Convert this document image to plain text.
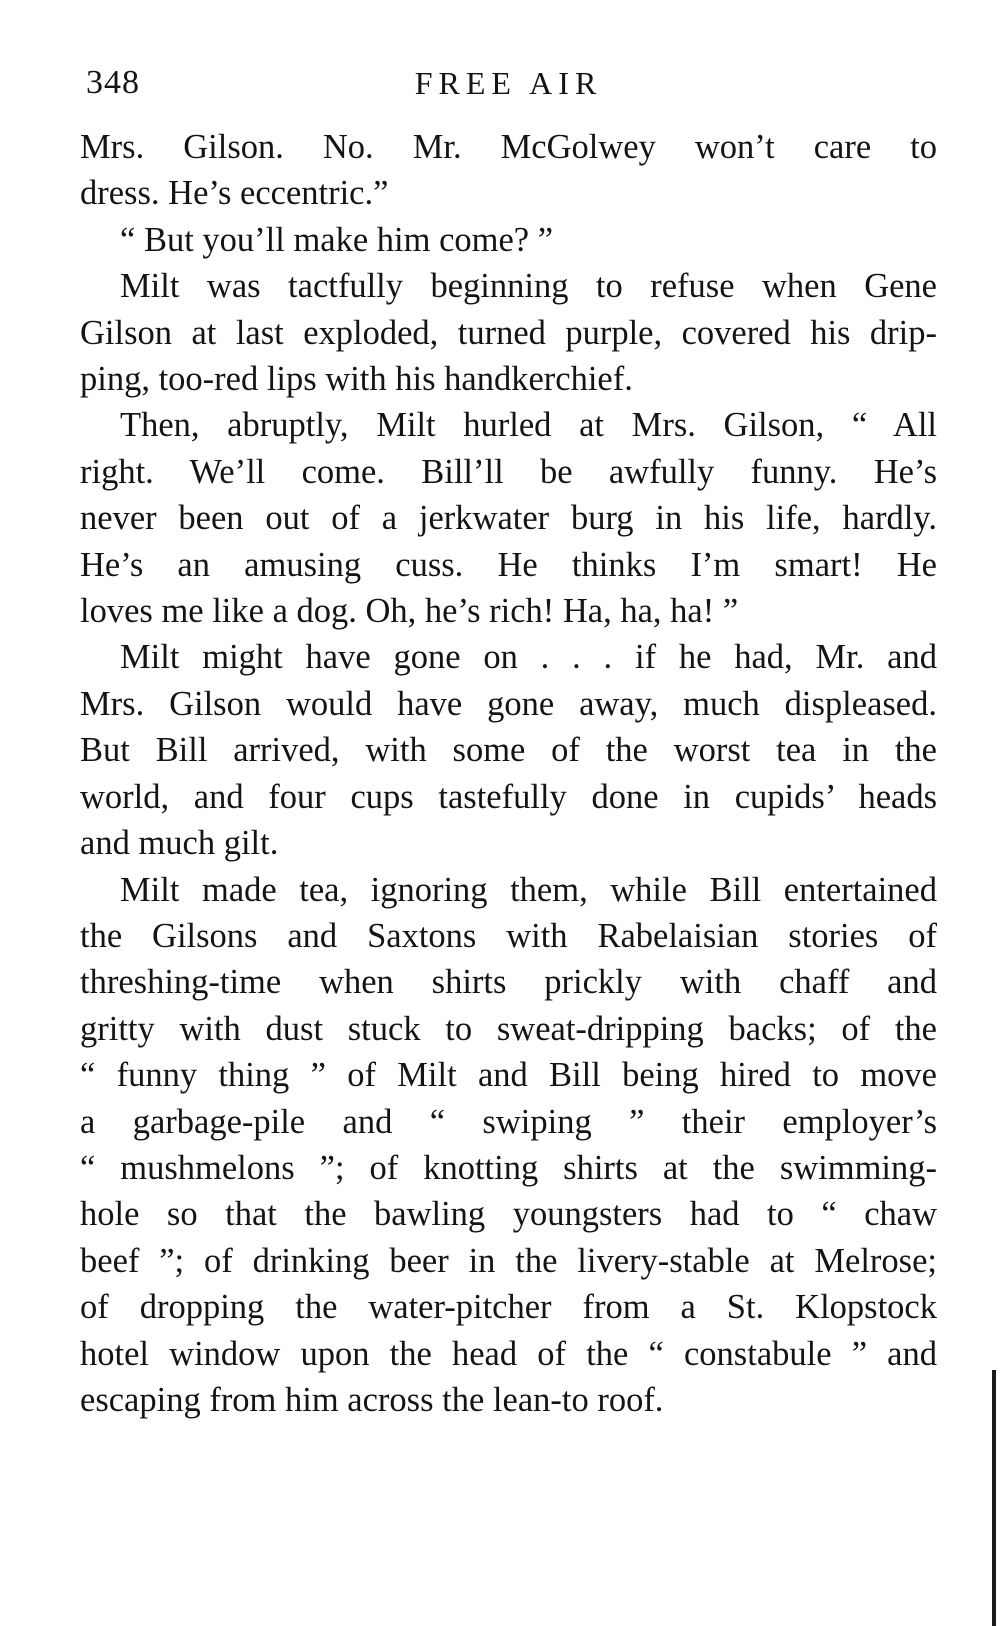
348	FREE AIR

Mrs. Gilson. No. Mr. McGolwey won’t care to
dress. He’s eccentric.”

“ But you’ll make him come? ”

Milt was tactfully beginning to refuse when Gene
Gilson at last exploded, turned purple, covered his drip-
ping, too-red lips with his handkerchief.

Then, abruptly, Milt hurled at Mrs. Gilson, “ All
right. We’ll come. Bill’ll be awfully funny. He’s
never been out of a jerkwater burg in his life, hardly.
He’s an amusing cuss. He thinks I’m smart! He
loves me like a dog. Oh, he’s rich! Ha, ha, ha! ”

Milt might have gone on . . . if he had, Mr. and
Mrs. Gilson would have gone away, much displeased.
But Bill arrived, with some of the worst tea in the
world, and four cups tastefully done in cupids’ heads
and much gilt.

Milt made tea, ignoring them, while Bill entertained
the Gilsons and Saxtons with Rabelaisian stories of
threshing-time when shirts prickly with chaff and
gritty with dust stuck to sweat-dripping backs; of the
“ funny thing ” of Milt and Bill being hired to move
a garbage-pile and “ swiping ” their employer’s
“ mushmelons ”; of knotting shirts at the swimming-
hole so that the bawling youngsters had to “ chaw
beef ”; of drinking beer in the livery-stable at Melrose;
of dropping the water-pitcher from a St. Klopstock
hotel window upon the head of the “ constabule ” and
escaping from him across the lean-to roof.
